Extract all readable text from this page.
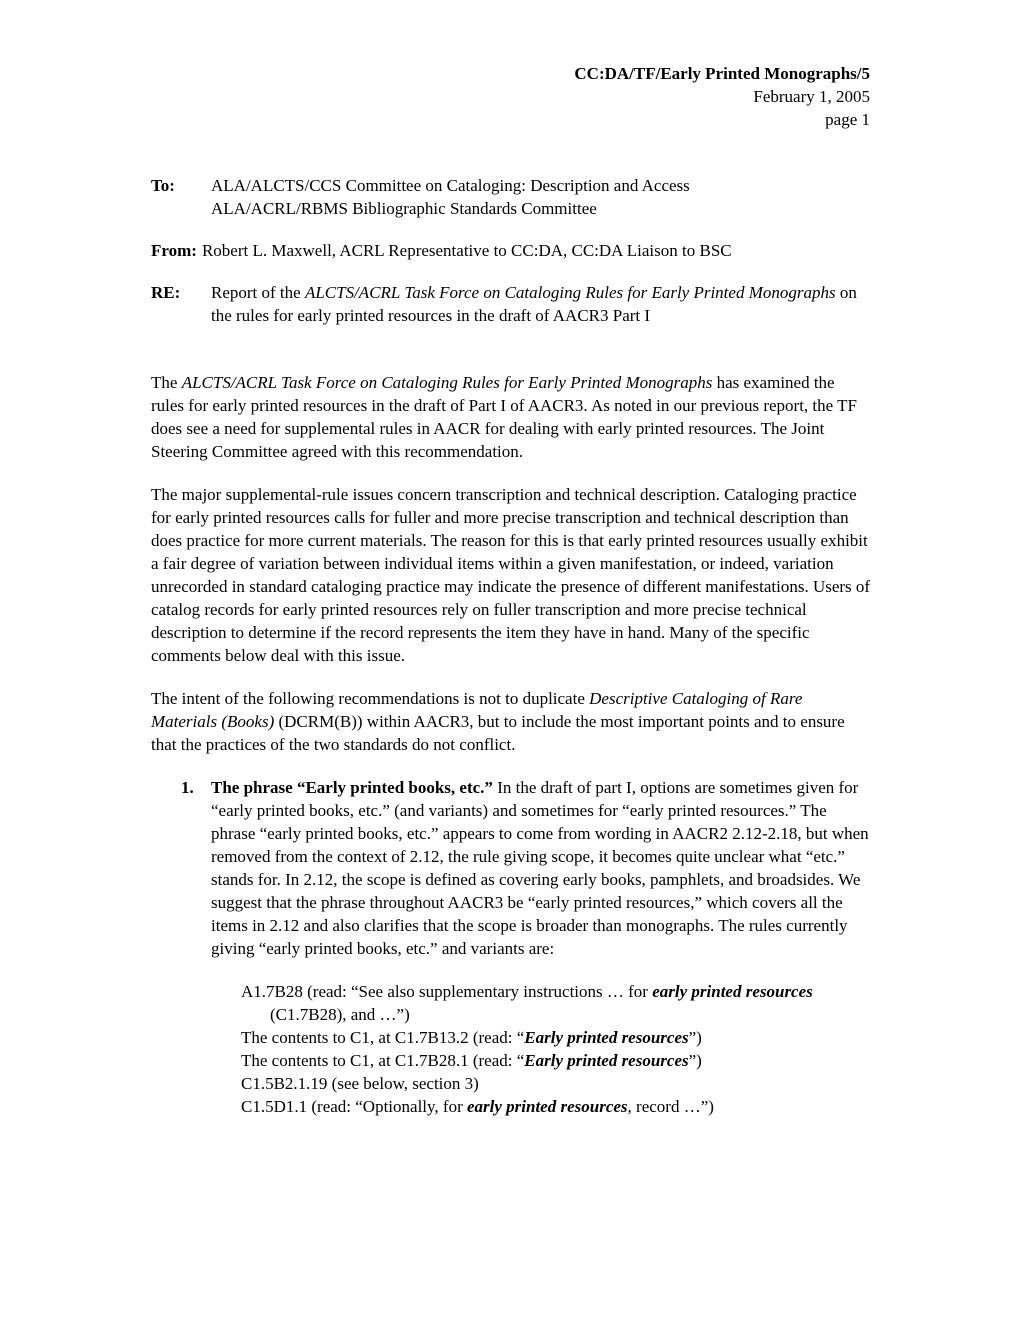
CC:DA/TF/Early Printed Monographs/5
February 1, 2005
page 1
To:	ALA/ALCTS/CCS Committee on Cataloging: Description and Access
ALA/ACRL/RBMS Bibliographic Standards Committee
From: Robert L. Maxwell, ACRL Representative to CC:DA, CC:DA Liaison to BSC
RE:	Report of the ALCTS/ACRL Task Force on Cataloging Rules for Early Printed Monographs on the rules for early printed resources in the draft of AACR3 Part I

The ALCTS/ACRL Task Force on Cataloging Rules for Early Printed Monographs has examined the rules for early printed resources in the draft of Part I of AACR3. As noted in our previous report, the TF does see a need for supplemental rules in AACR for dealing with early printed resources. The Joint Steering Committee agreed with this recommendation.

The major supplemental-rule issues concern transcription and technical description. Cataloging practice for early printed resources calls for fuller and more precise transcription and technical description than does practice for more current materials. The reason for this is that early printed resources usually exhibit a fair degree of variation between individual items within a given manifestation, or indeed, variation unrecorded in standard cataloging practice may indicate the presence of different manifestations. Users of catalog records for early printed resources rely on fuller transcription and more precise technical description to determine if the record represents the item they have in hand. Many of the specific comments below deal with this issue.

The intent of the following recommendations is not to duplicate Descriptive Cataloging of Rare Materials (Books) (DCRM(B)) within AACR3, but to include the most important points and to ensure that the practices of the two standards do not conflict.

1.	The phrase “Early printed books, etc.” In the draft of part I, options are sometimes given for “early printed books, etc.” (and variants) and sometimes for “early printed resources.” The phrase “early printed books, etc.” appears to come from wording in AACR2 2.12-2.18, but when removed from the context of 2.12, the rule giving scope, it becomes quite unclear what “etc.” stands for. In 2.12, the scope is defined as covering early books, pamphlets, and broadsides. We suggest that the phrase throughout AACR3 be “early printed resources,” which covers all the items in 2.12 and also clarifies that the scope is broader than monographs. The rules currently giving “early printed books, etc.” and variants are:
A1.7B28 (read: “See also supplementary instructions … for early printed resources (C1.7B28), and …”)
The contents to C1, at C1.7B13.2 (read: “Early printed resources”)
The contents to C1, at C1.7B28.1 (read: “Early printed resources”)
C1.5B2.1.19 (see below, section 3)
C1.5D1.1 (read: “Optionally, for early printed resources, record …”)
